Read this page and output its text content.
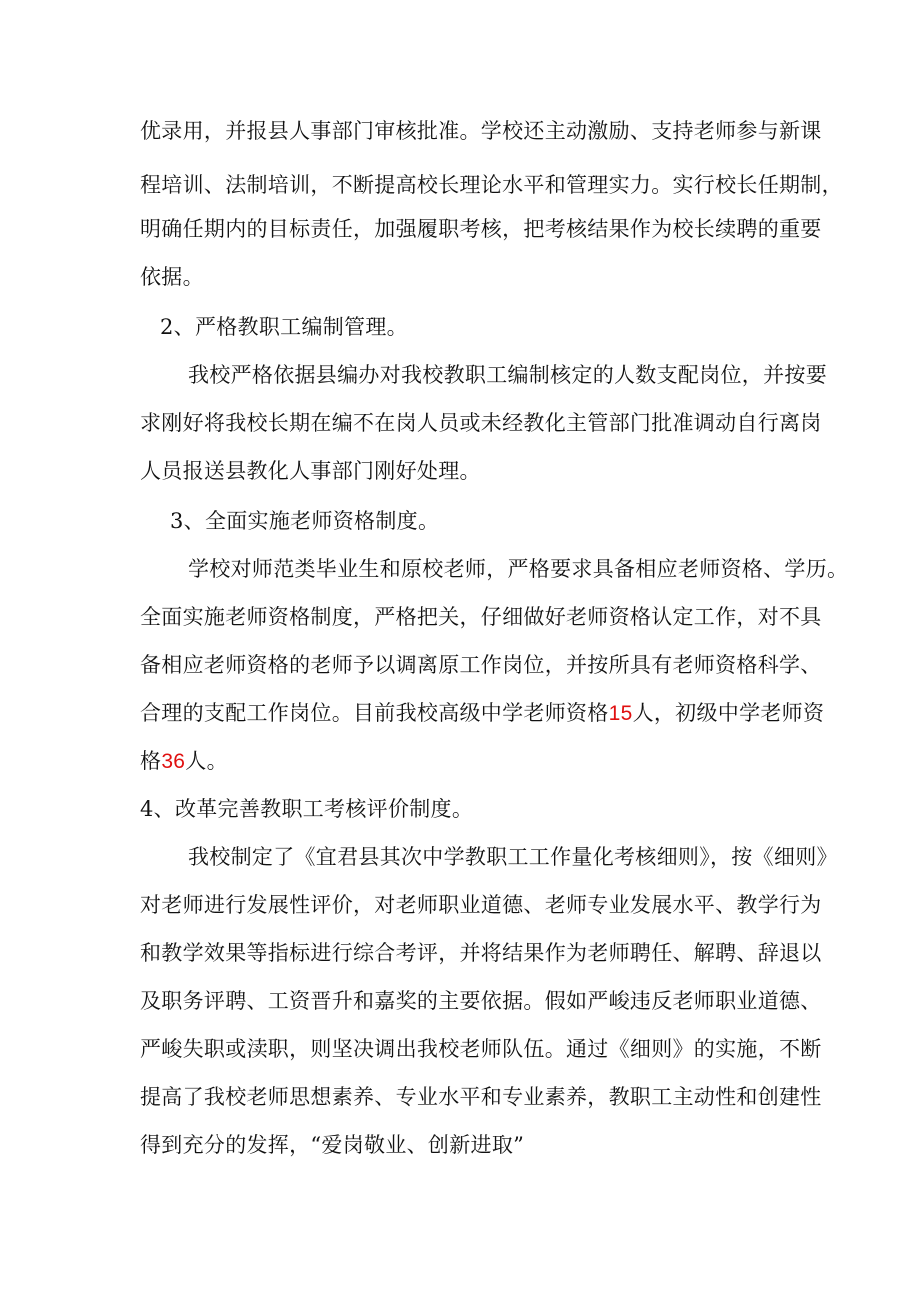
优录用，并报县人事部门审核批准。学校还主动激励、支持老师参与新课
程培训、法制培训，不断提高校长理论水平和管理实力。实行校长任期制，
明确任期内的目标责任，加强履职考核，把考核结果作为校长续聘的重要
依据。
2、严格教职工编制管理。
我校严格依据县编办对我校教职工编制核定的人数支配岗位，并按要
求刚好将我校长期在编不在岗人员或未经教化主管部门批准调动自行离岗
人员报送县教化人事部门刚好处理。
3、全面实施老师资格制度。
学校对师范类毕业生和原校老师，严格要求具备相应老师资格、学历。
全面实施老师资格制度，严格把关，仔细做好老师资格认定工作，对不具
备相应老师资格的老师予以调离原工作岗位，并按所具有老师资格科学、
合理的支配工作岗位。目前我校高级中学老师资格15人，初级中学老师资
格36人。
4、改革完善教职工考核评价制度。
我校制定了《宜君县其次中学教职工工作量化考核细则》，按《细则》
对老师进行发展性评价，对老师职业道德、老师专业发展水平、教学行为
和教学效果等指标进行综合考评，并将结果作为老师聘任、解聘、辞退以
及职务评聘、工资晋升和嘉奖的主要依据。假如严峻违反老师职业道德、
严峻失职或渎职，则坚决调出我校老师队伍。通过《细则》的实施，不断
提高了我校老师思想素养、专业水平和专业素养，教职工主动性和创建性
得到充分的发挥，“爱岗敬业、创新进取”
